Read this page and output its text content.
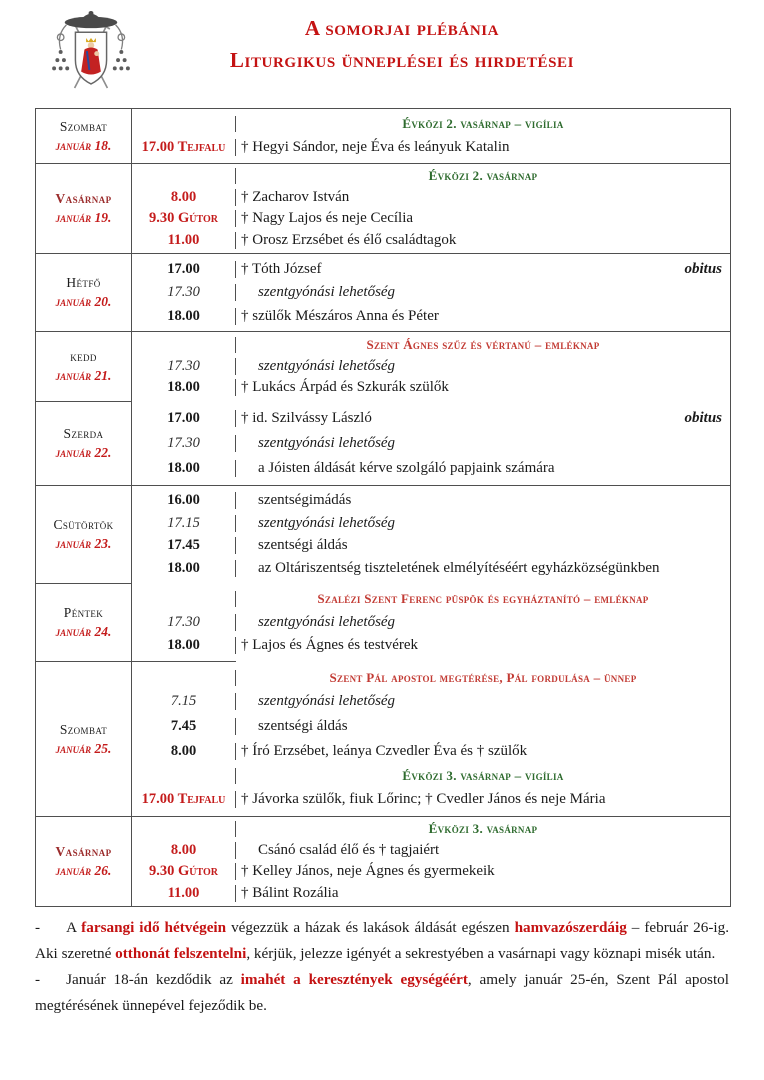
A somorjai plébánia
Liturgikus ünneplései és hirdetései
Szombat
január 18.
Évközi 2. vasárnap – vigília
17.00 Tejfalu	† Hegyi Sándor, neje Éva és leányuk Katalin
Vasárnap
január 19.
Évközi 2. vasárnap
8.00	† Zacharov István
9.30 Gútor	† Nagy Lajos és neje Cecília
11.00	† Orosz Erzsébet és élő családtagok
Hétfő
január 20.
17.00	† Tóth József	obitus
17.30	szentgyónási lehetőség
18.00	† szülők Mészáros Anna és Péter
kedd
január 21.
Szent Ágnes szűz és vértanú – emléknap
17.30	szentgyónási lehetőség
18.00	† Lukács Árpád és Szkurák szülők
Szerda
január 22.
17.00	† id. Szilvássy László	obitus
17.30	szentgyónási lehetőség
18.00	a Jóisten áldását kérve szolgáló papjaink számára
Csütörtök
január 23.
16.00	szentségimádás
17.15	szentgyónási lehetőség
17.45	szentségi áldás
18.00	az Oltáriszentség tiszteletének elmélyítéséért egyházközségünkben
Péntek
január 24.
Szalézi Szent Ferenc püspök és egyháztanító – emléknap
17.30	szentgyónási lehetőség
18.00	† Lajos és Ágnes és testvérek
Szombat
január 25.
Szent Pál apostol megtérése, Pál fordulása – ünnep
7.15	szentgyónási lehetőség
7.45	szentségi áldás
8.00	† Író Erzsébet, leánya Czvedler Éva és † szülők
Évközi 3. vasárnap – vigília
17.00 Tejfalu	† Jávorka szülők, fiuk Lőrinc; † Cvedler János és neje Mária
Vasárnap
január 26.
Évközi 3. vasárnap
8.00	Csánó család élő és † tagjaiért
9.30 Gútor	† Kelley János, neje Ágnes és gyermekeik
11.00	† Bálint Rozália

- A farsangi idő hétvégein végezzük a házak és lakások áldását egészen hamvazószerdáig – február 26-ig. Aki szeretné otthonát felszentelni, kérjük, jelezze igényét a sekrestyében a vasárnapi vagy köznapi misék után.

- Január 18-án kezdődik az imahét a keresztények egységéért, amely január 25-én, Szent Pál apostol megtérésének ünnepével fejeződik be.
